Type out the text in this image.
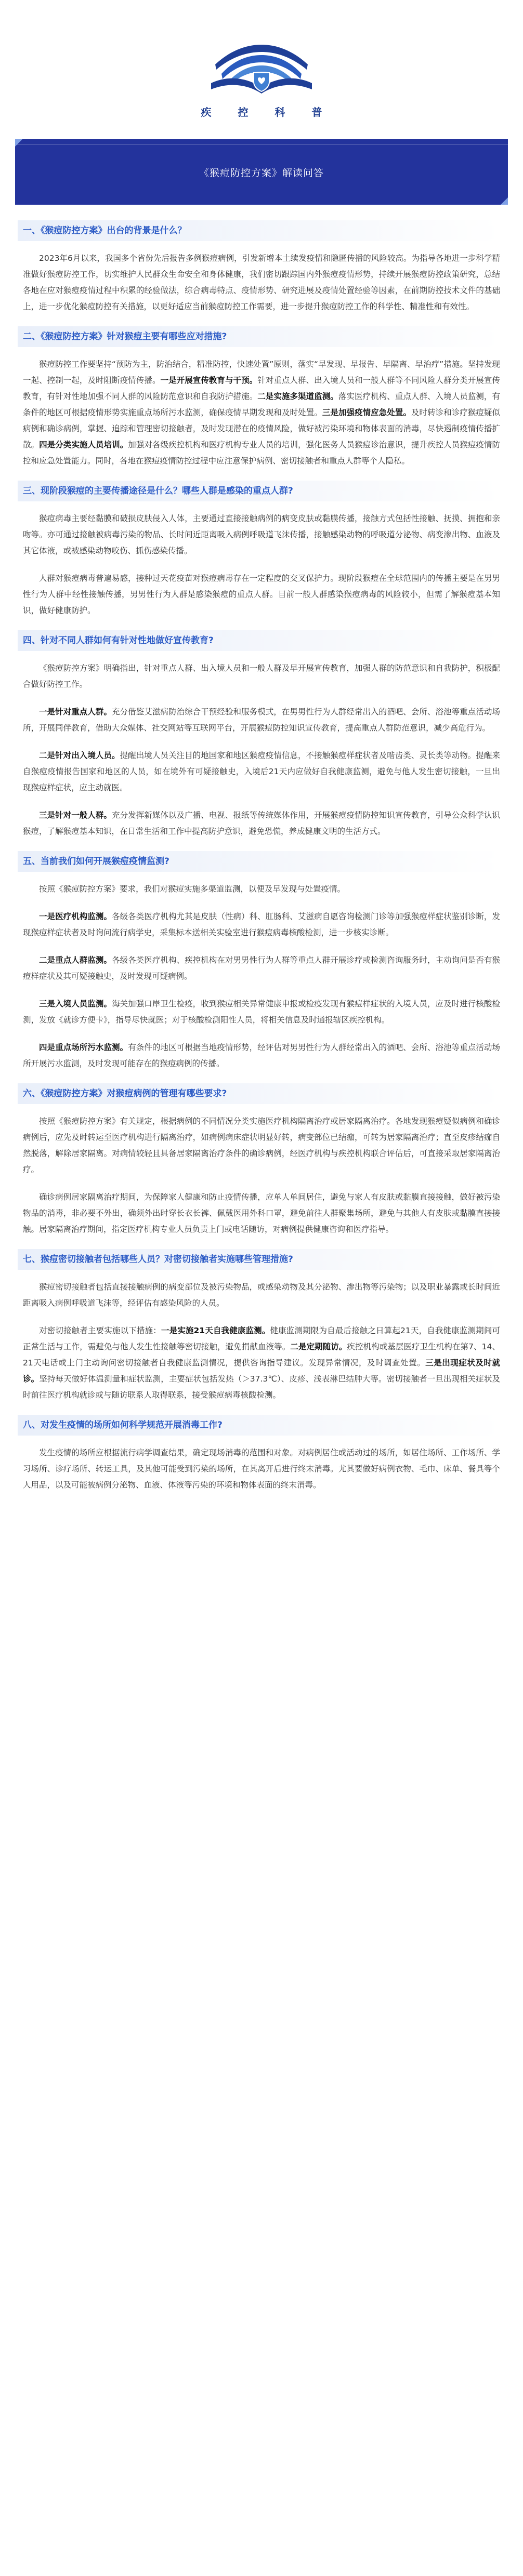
疾 控 科 普
《猴痘防控方案》解读问答
一、《猴痘防控方案》出台的背景是什么？

2023年6月以来，我国多个省份先后报告多例猴痘病例，引发新增本土续发疫情和隐匿传播的风险较高。为指导各地进一步科学精准做好猴痘防控工作，切实维护人民群众生命安全和身体健康，我们密切跟踪国内外猴痘疫情形势，持续开展猴痘防控政策研究，总结各地在应对猴痘疫情过程中积累的经验做法，综合病毒特点、疫情形势、研究进展及疫情处置经验等因素，在前期防控技术文件的基础上，进一步优化猴痘防控有关措施，以更好适应当前猴痘防控工作需要，进一步提升猴痘防控工作的科学性、精准性和有效性。

二、《猴痘防控方案》针对猴痘主要有哪些应对措施?

猴痘防控工作要坚持“预防为主，防治结合，精准防控，快速处置”原则，落实“早发现、早报告、早隔离、早治疗”措施。坚持发现一起、控制一起，及时阻断疫情传播。一是开展宣传教育与干预。针对重点人群、出入境人员和一般人群等不同风险人群分类开展宣传教育，有针对性地加强不同人群的风险防范意识和自我防护措施。二是实施多渠道监测。落实医疗机构、重点人群、入境人员监测，有条件的地区可根据疫情形势实施重点场所污水监测，确保疫情早期发现和及时处置。三是加强疫情应急处置。及时转诊和诊疗猴痘疑似病例和确诊病例，掌握、追踪和管理密切接触者，及时发现潜在的疫情风险，做好被污染环境和物体表面的消毒，尽快遏制疫情传播扩散。四是分类实施人员培训。加强对各级疾控机构和医疗机构专业人员的培训，强化医务人员猴痘诊治意识，提升疾控人员猴痘疫情防控和应急处置能力。同时，各地在猴痘疫情防控过程中应注意保护病例、密切接触者和重点人群等个人隐私。

三、现阶段猴痘的主要传播途径是什么？哪些人群是感染的重点人群?

猴痘病毒主要经黏膜和破损皮肤侵入人体，主要通过直接接触病例的病变皮肤或黏膜传播，接触方式包括性接触、抚摸、拥抱和亲吻等。亦可通过接触被病毒污染的物品、长时间近距离吸入病例呼吸道飞沫传播，接触感染动物的呼吸道分泌物、病变渗出物、血液及其它体液，或被感染动物咬伤、抓伤感染传播。

人群对猴痘病毒普遍易感，接种过天花疫苗对猴痘病毒存在一定程度的交叉保护力。现阶段猴痘在全球范围内的传播主要是在男男性行为人群中经性接触传播，男男性行为人群是感染猴痘的重点人群。目前一般人群感染猴痘病毒的风险较小，但需了解猴痘基本知识，做好健康防护。

四、针对不同人群如何有针对性地做好宣传教育?

《猴痘防控方案》明确指出，针对重点人群、出入境人员和一般人群及早开展宣传教育，加强人群的防范意识和自我防护，积极配合做好防控工作。

一是针对重点人群。充分借鉴艾滋病防治综合干预经验和服务模式，在男男性行为人群经常出入的酒吧、会所、浴池等重点活动场所，开展同伴教育，借助大众媒体、社交网站等互联网平台，开展猴痘防控知识宣传教育，提高重点人群防范意识，减少高危行为。

二是针对出入境人员。提醒出境人员关注目的地国家和地区猴痘疫情信息，不接触猴痘样症状者及啮齿类、灵长类等动物。提醒来自猴痘疫情报告国家和地区的人员，如在境外有可疑接触史，入境后21天内应做好自我健康监测，避免与他人发生密切接触，一旦出现猴痘样症状，应主动就医。

三是针对一般人群。充分发挥新媒体以及广播、电视、报纸等传统媒体作用，开展猴痘疫情防控知识宣传教育，引导公众科学认识猴痘，了解猴痘基本知识，在日常生活和工作中提高防护意识，避免恐慌，养成健康文明的生活方式。

五、当前我们如何开展猴痘疫情监测?

按照《猴痘防控方案》要求，我们对猴痘实施多渠道监测，以便及早发现与处置疫情。

一是医疗机构监测。各级各类医疗机构尤其是皮肤（性病）科、肛肠科、艾滋病自愿咨询检测门诊等加强猴痘样症状鉴别诊断，发现猴痘样症状者及时询问流行病学史，采集标本送相关实验室进行猴痘病毒核酸检测，进一步核实诊断。

二是重点人群监测。各级各类医疗机构、疾控机构在对男男性行为人群等重点人群开展诊疗或检测咨询服务时，主动询问是否有猴痘样症状及其可疑接触史，及时发现可疑病例。

三是入境人员监测。海关加强口岸卫生检疫，收到猴痘相关异常健康申报或检疫发现有猴痘样症状的入境人员，应及时进行核酸检测，发放《就诊方便卡》，指导尽快就医；对于核酸检测阳性人员，将相关信息及时通报辖区疾控机构。

四是重点场所污水监测。有条件的地区可根据当地疫情形势，经评估对男男性行为人群经常出入的酒吧、会所、浴池等重点活动场所开展污水监测，及时发现可能存在的猴痘病例的传播。

六、《猴痘防控方案》对猴痘病例的管理有哪些要求?

按照《猴痘防控方案》有关规定，根据病例的不同情况分类实施医疗机构隔离治疗或居家隔离治疗。各地发现猴痘疑似病例和确诊病例后，应先及时转运至医疗机构进行隔离治疗，如病例病床症状明显好转，病变部位已结痂，可转为居家隔离治疗；直至皮疹结痂自然脱落，解除居家隔离。对病情较轻且具备居家隔离治疗条件的确诊病例，经医疗机构与疾控机构联合评估后，可直接采取居家隔离治疗。

确诊病例居家隔离治疗期间，为保障家人健康和防止疫情传播，应单人单间居住，避免与家人有皮肤或黏膜直接接触，做好被污染物品的消毒，非必要不外出，确须外出时穿长衣长裤、佩戴医用外科口罩，避免前往人群聚集场所，避免与其他人有皮肤或黏膜直接接触。居家隔离治疗期间，指定医疗机构专业人员负责上门或电话随访，对病例提供健康咨询和医疗指导。

七、猴痘密切接触者包括哪些人员？对密切接触者实施哪些管理措施?

猴痘密切接触者包括直接接触病例的病变部位及被污染物品，或感染动物及其分泌物、渗出物等污染物；以及职业暴露或长时间近距离吸入病例呼吸道飞沫等，经评估有感染风险的人员。

对密切接触者主要实施以下措施：一是实施21天自我健康监测。健康监测期限为自最后接触之日算起21天，自我健康监测期间可正常生活与工作，需避免与他人发生性接触等密切接触，避免捐献血液等。二是定期随访。疾控机构或基层医疗卫生机构在第7、14、21天电话或上门主动询问密切接触者自我健康监测情况，提供咨询指导建议。发现异常情况，及时调查处置。三是出现症状及时就诊。坚持每天做好体温测量和症状监测，主要症状包括发热（＞37.3℃）、皮疹、浅表淋巴结肿大等。密切接触者一旦出现相关症状及时前往医疗机构就诊或与随访联系人取得联系，接受猴痘病毒核酸检测。

八、对发生疫情的场所如何科学规范开展消毒工作?

发生疫情的场所应根据流行病学调查结果，确定现场消毒的范围和对象。对病例居住或活动过的场所，如居住场所、工作场所、学习场所、诊疗场所、转运工具，及其他可能受到污染的场所，在其离开后进行终末消毒。尤其要做好病例衣物、毛巾、床单、餐具等个人用品，以及可能被病例分泌物、血液、体液等污染的环境和物体表面的终末消毒。
